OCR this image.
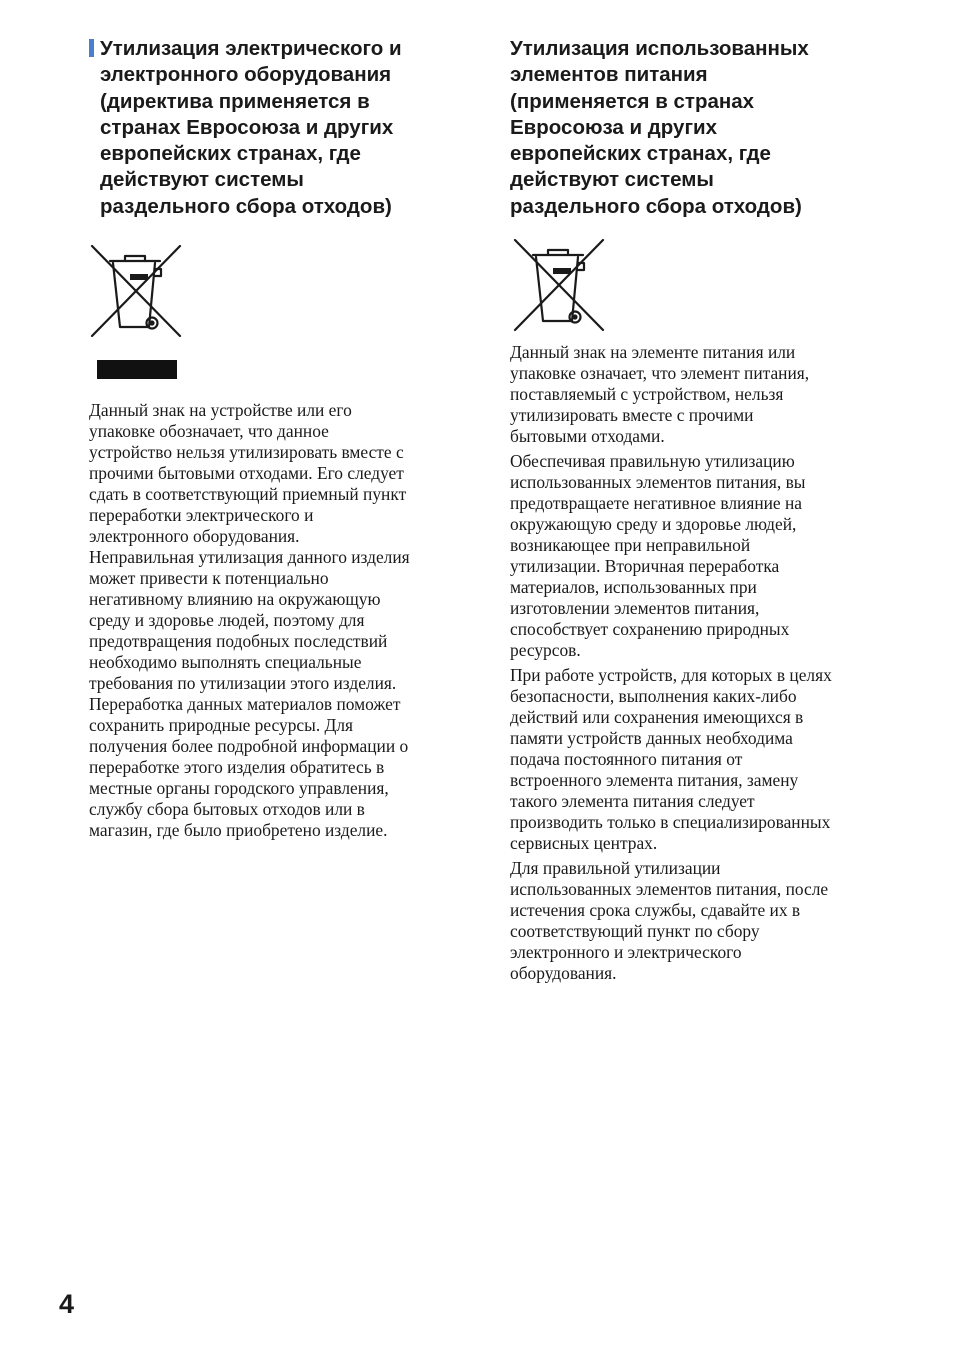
Утилизация электрического и
электронного оборудования
(директива применяется в
странах Евросоюза и других
европейских странах, где
действуют системы
раздельного сбора отходов)

Данный знак на устройстве или его
упаковке обозначает, что данное
устройство нельзя утилизировать вместе с
прочими бытовыми отходами. Его следует
сдать в соответствующий приемный пункт
переработки электрического и
электронного оборудования.
Неправильная утилизация данного изделия
может привести к потенциально
негативному влиянию на окружающую
среду и здоровье людей, поэтому для
предотвращения подобных последствий
необходимо выполнять специальные
требования по утилизации этого изделия.
Переработка данных материалов поможет
сохранить природные ресурсы. Для
получения более подробной информации о
переработке этого изделия обратитесь в
местные органы городского управления,
службу сбора бытовых отходов или в
магазин, где было приобретено изделие.

Утилизация использованных
элементов питания
(применяется в странах
Евросоюза и других
европейских странах, где
действуют системы
раздельного сбора отходов)

Данный знак на элементе питания или
упаковке означает, что элемент питания,
поставляемый с устройством, нельзя
утилизировать вместе с прочими
бытовыми отходами.

Обеспечивая правильную утилизацию
использованных элементов питания, вы
предотвращаете негативное влияние на
окружающую среду и здоровье людей,
возникающее при неправильной
утилизации. Вторичная переработка
материалов, использованных при
изготовлении элементов питания,
способствует сохранению природных
ресурсов.

При работе устройств, для которых в целях
безопасности, выполнения каких-либо
действий или сохранения имеющихся в
памяти устройств данных необходима
подача постоянного питания от
встроенного элемента питания, замену
такого элемента питания следует
производить только в специализированных
сервисных центрах.

Для правильной утилизации
использованных элементов питания, после
истечения срока службы, сдавайте их в
соответствующий пункт по сбору
электронного и электрического
оборудования.

4
